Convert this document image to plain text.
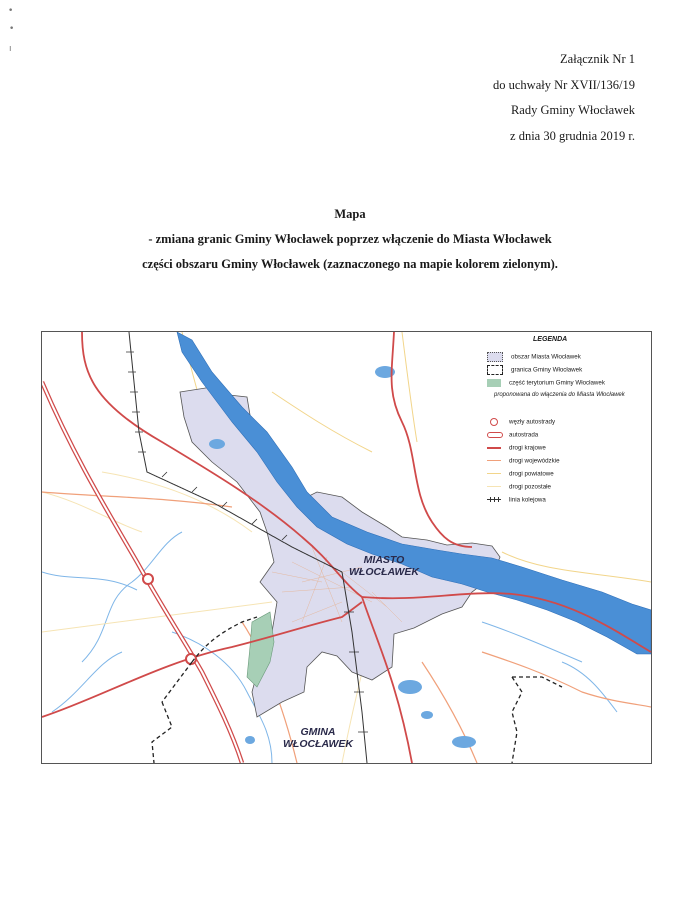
•
•
ı
Załącznik Nr 1
do uchwały Nr XVII/136/19
Rady Gminy Włocławek
z dnia 30 grudnia 2019 r.
Mapa
- zmiana granic Gminy Włocławek poprzez włączenie do Miasta Włocławek
części obszaru Gminy Włocławek (zaznaczonego na mapie kolorem zielonym).
MIASTO
WŁOCŁAWEK
GMINA
WŁOCŁAWEK
LEGENDA
obszar Miasta Włocławek
granica Gminy Włocławek
część terytorium Gminy Włocławek
proponowana do włączenia do Miasta Włocławek
węzły autostrady
autostrada
drogi krajowe
drogi wojewódzkie
drogi powiatowe
drogi pozostałe
linia kolejowa
